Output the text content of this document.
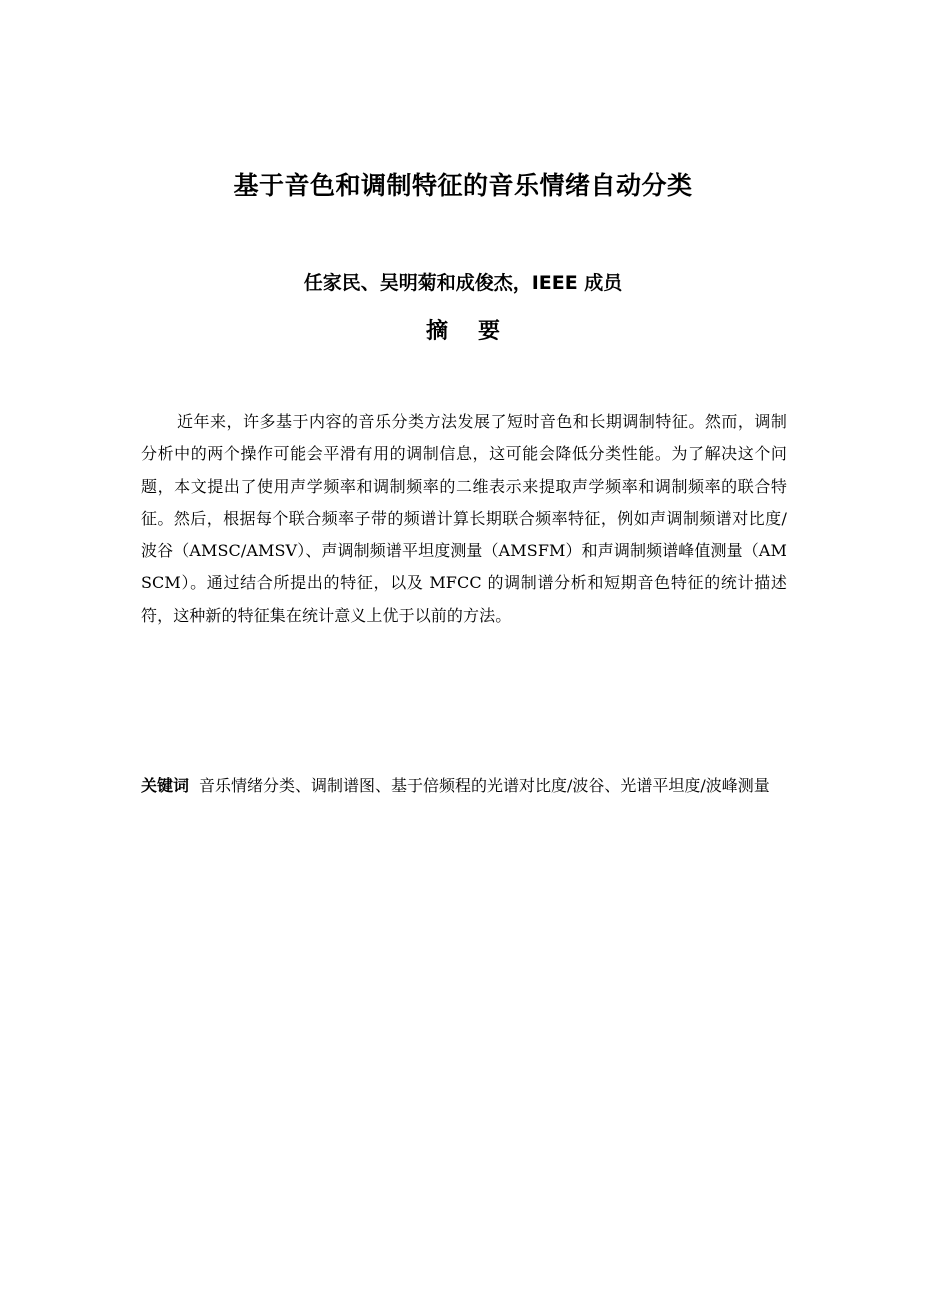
基于音色和调制特征的音乐情绪自动分类
任家民、吴明菊和成俊杰，IEEE 成员
摘要
近年来，许多基于内容的音乐分类方法发展了短时音色和长期调制特征。然而，调制分析中的两个操作可能会平滑有用的调制信息，这可能会降低分类性能。为了解决这个问题，本文提出了使用声学频率和调制频率的二维表示来提取声学频率和调制频率的联合特征。然后，根据每个联合频率子带的频谱计算长期联合频率特征，例如声调制频谱对比度/波谷（AMSC/AMSV）、声调制频谱平坦度测量（AMSFM）和声调制频谱峰值测量（AMSCM）。通过结合所提出的特征，以及 MFCC 的调制谱分析和短期音色特征的统计描述符，这种新的特征集在统计意义上优于以前的方法。
关键词 音乐情绪分类、调制谱图、基于倍频程的光谱对比度/波谷、光谱平坦度/波峰测量
